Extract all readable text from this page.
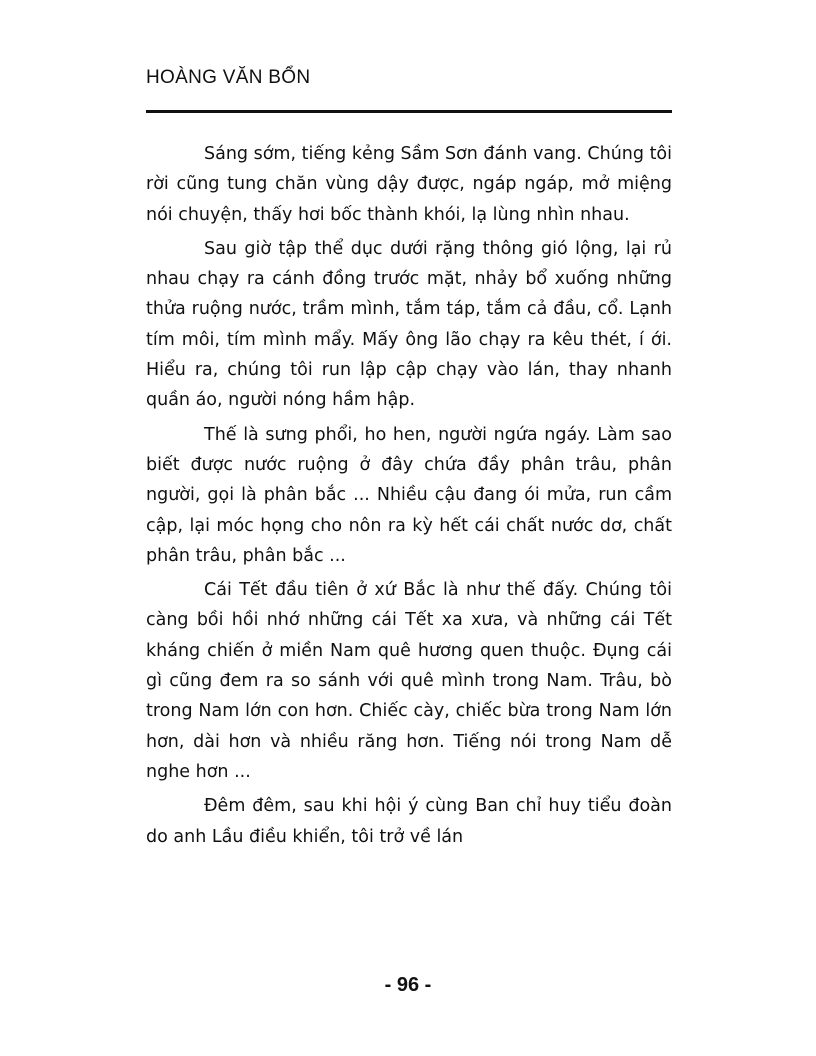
HOÀNG VĂN BỔN

Sáng sớm, tiếng kẻng Sầm Sơn đánh vang. Chúng tôi rời cũng tung chăn vùng dậy được, ngáp ngáp, mở miệng nói chuyện, thấy hơi bốc thành khói, lạ lùng nhìn nhau.

Sau giờ tập thể dục dưới rặng thông gió lộng, lại rủ nhau chạy ra cánh đồng trước mặt, nhảy bổ xuống những thửa ruộng nước, trầm mình, tắm táp, tắm cả đầu, cổ. Lạnh tím môi, tím mình mẩy. Mấy ông lão chạy ra kêu thét, í ới. Hiểu ra, chúng tôi run lập cập chạy vào lán, thay nhanh quần áo, người nóng hầm hập.

Thế là sưng phổi, ho hen, người ngứa ngáy. Làm sao biết được nước ruộng ở đây chứa đầy phân trâu, phân người, gọi là phân bắc ... Nhiều cậu đang ói mửa, run cầm cập, lại móc họng cho nôn ra kỳ hết cái chất nước dơ, chất phân trâu, phân bắc ...

Cái Tết đầu tiên ở xứ Bắc là như thế đấy. Chúng tôi càng bồi hồi nhớ những cái Tết xa xưa, và những cái Tết kháng chiến ở miền Nam quê hương quen thuộc. Đụng cái gì cũng đem ra so sánh với quê mình trong Nam. Trâu, bò trong Nam lớn con hơn. Chiếc cày, chiếc bừa trong Nam lớn hơn, dài hơn và nhiều răng hơn. Tiếng nói trong Nam dễ nghe hơn ...

Đêm đêm, sau khi hội ý cùng Ban chỉ huy tiểu đoàn do anh Lầu điều khiển, tôi trở về lán

- 96 -
